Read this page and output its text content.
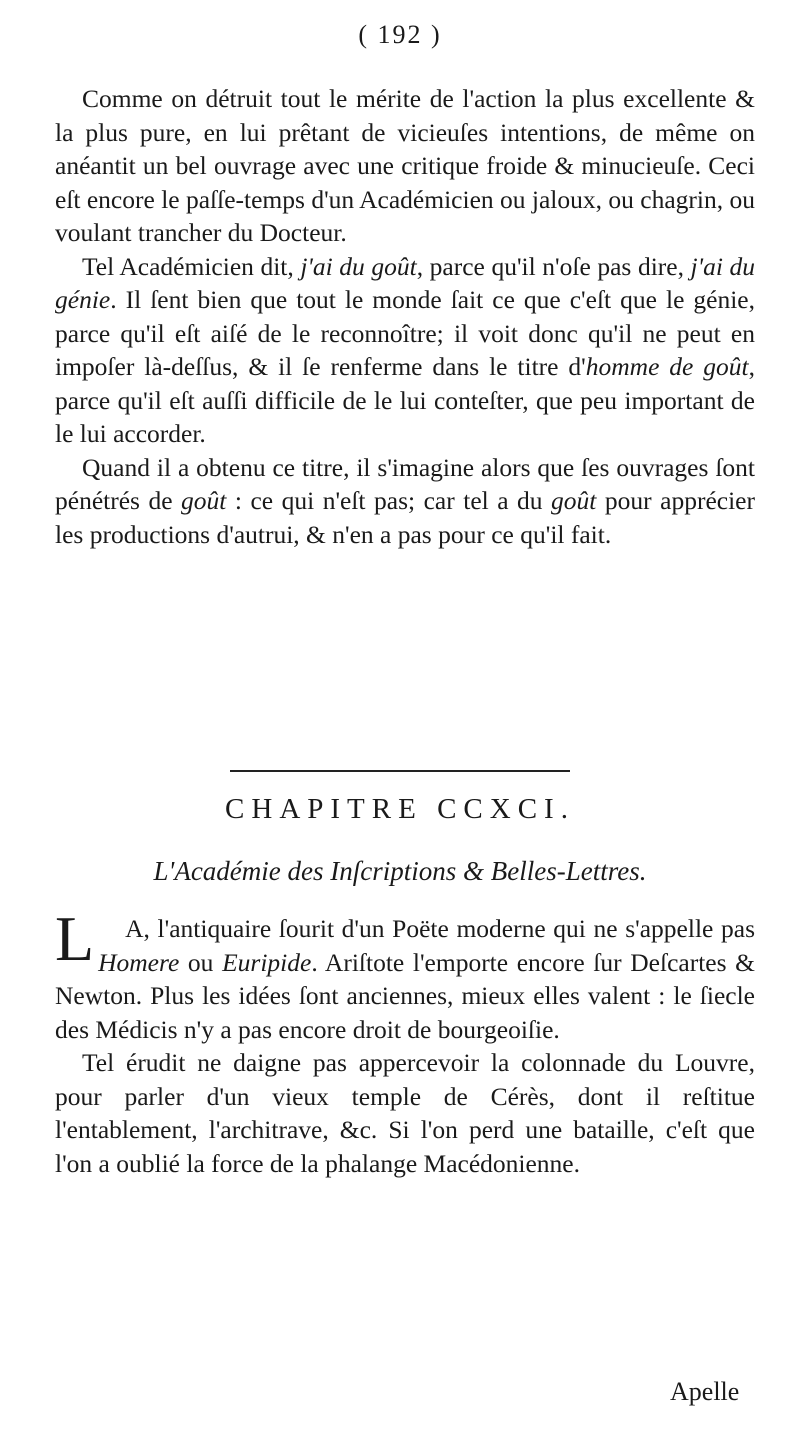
( 192 )

Comme on détruit tout le mérite de l'action la plus excellente & la plus pure, en lui prêtant de vicieuſes intentions, de même on anéantit un bel ouvrage avec une critique froide & minucieuſe. Ceci eſt encore le paſſe-temps d'un Académicien ou jaloux, ou chagrin, ou voulant trancher du Docteur.

Tel Académicien dit, j'ai du goût, parce qu'il n'oſe pas dire, j'ai du génie. Il ſent bien que tout le monde ſait ce que c'eſt que le génie, parce qu'il eſt aiſé de le reconnoître; il voit donc qu'il ne peut en impoſer là-deſſus, & il ſe renferme dans le titre d'homme de goût, parce qu'il eſt auſſi difficile de le lui conteſter, que peu important de le lui accorder.

Quand il a obtenu ce titre, il s'imagine alors que ſes ouvrages ſont pénétrés de goût : ce qui n'eſt pas; car tel a du goût pour apprécier les productions d'autrui, & n'en a pas pour ce qu'il fait.

CHAPITRE CCXCI.
L'Académie des Inſcriptions & Belles-Lettres.

L A, l'antiquaire ſourit d'un Poëte moderne qui ne s'appelle pas Homere ou Euripide. Ariſtote l'emporte encore ſur Deſcartes & Newton. Plus les idées ſont anciennes, mieux elles valent : le ſiecle des Médicis n'y a pas encore droit de bourgeoiſie.

Tel érudit ne daigne pas appercevoir la colonnade du Louvre, pour parler d'un vieux temple de Cérès, dont il reſtitue l'entablement, l'architrave, &c. Si l'on perd une bataille, c'eſt que l'on a oublié la force de la phalange Macédonienne.

Apelle
